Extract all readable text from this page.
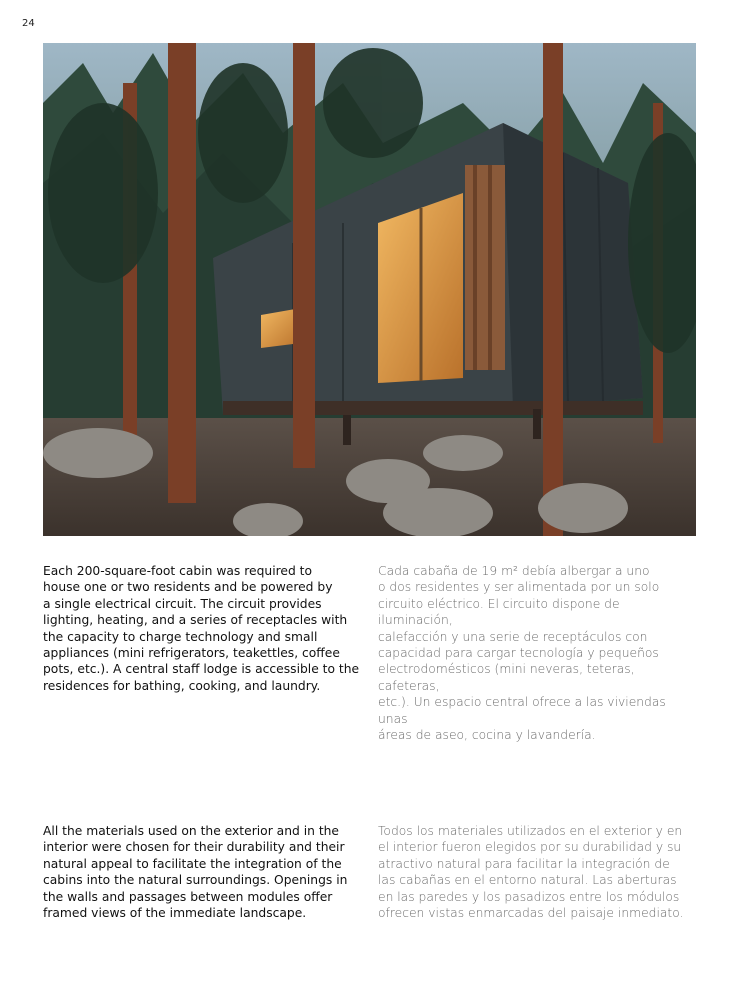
24

Each 200-square-foot cabin was required to
house one or two residents and be powered by
a single electrical circuit. The circuit provides
lighting, heating, and a series of receptacles with
the capacity to charge technology and small
appliances (mini refrigerators, teakettles, coffee
pots, etc.). A central staff lodge is accessible to the
residences for bathing, cooking, and laundry.

Cada cabaña de 19 m² debía albergar a uno
o dos residentes y ser alimentada por un solo
circuito eléctrico. El circuito dispone de iluminación,
calefacción y una serie de receptáculos con
capacidad para cargar tecnología y pequeños
electrodomésticos (mini neveras, teteras, cafeteras,
etc.). Un espacio central ofrece a las viviendas unas
áreas de aseo, cocina y lavandería.

All the materials used on the exterior and in the
interior were chosen for their durability and their
natural appeal to facilitate the integration of the
cabins into the natural surroundings. Openings in
the walls and passages between modules offer
framed views of the immediate landscape.

Todos los materiales utilizados en el exterior y en
el interior fueron elegidos por su durabilidad y su
atractivo natural para facilitar la integración de
las cabañas en el entorno natural. Las aberturas
en las paredes y los pasadizos entre los módulos
ofrecen vistas enmarcadas del paisaje inmediato.
